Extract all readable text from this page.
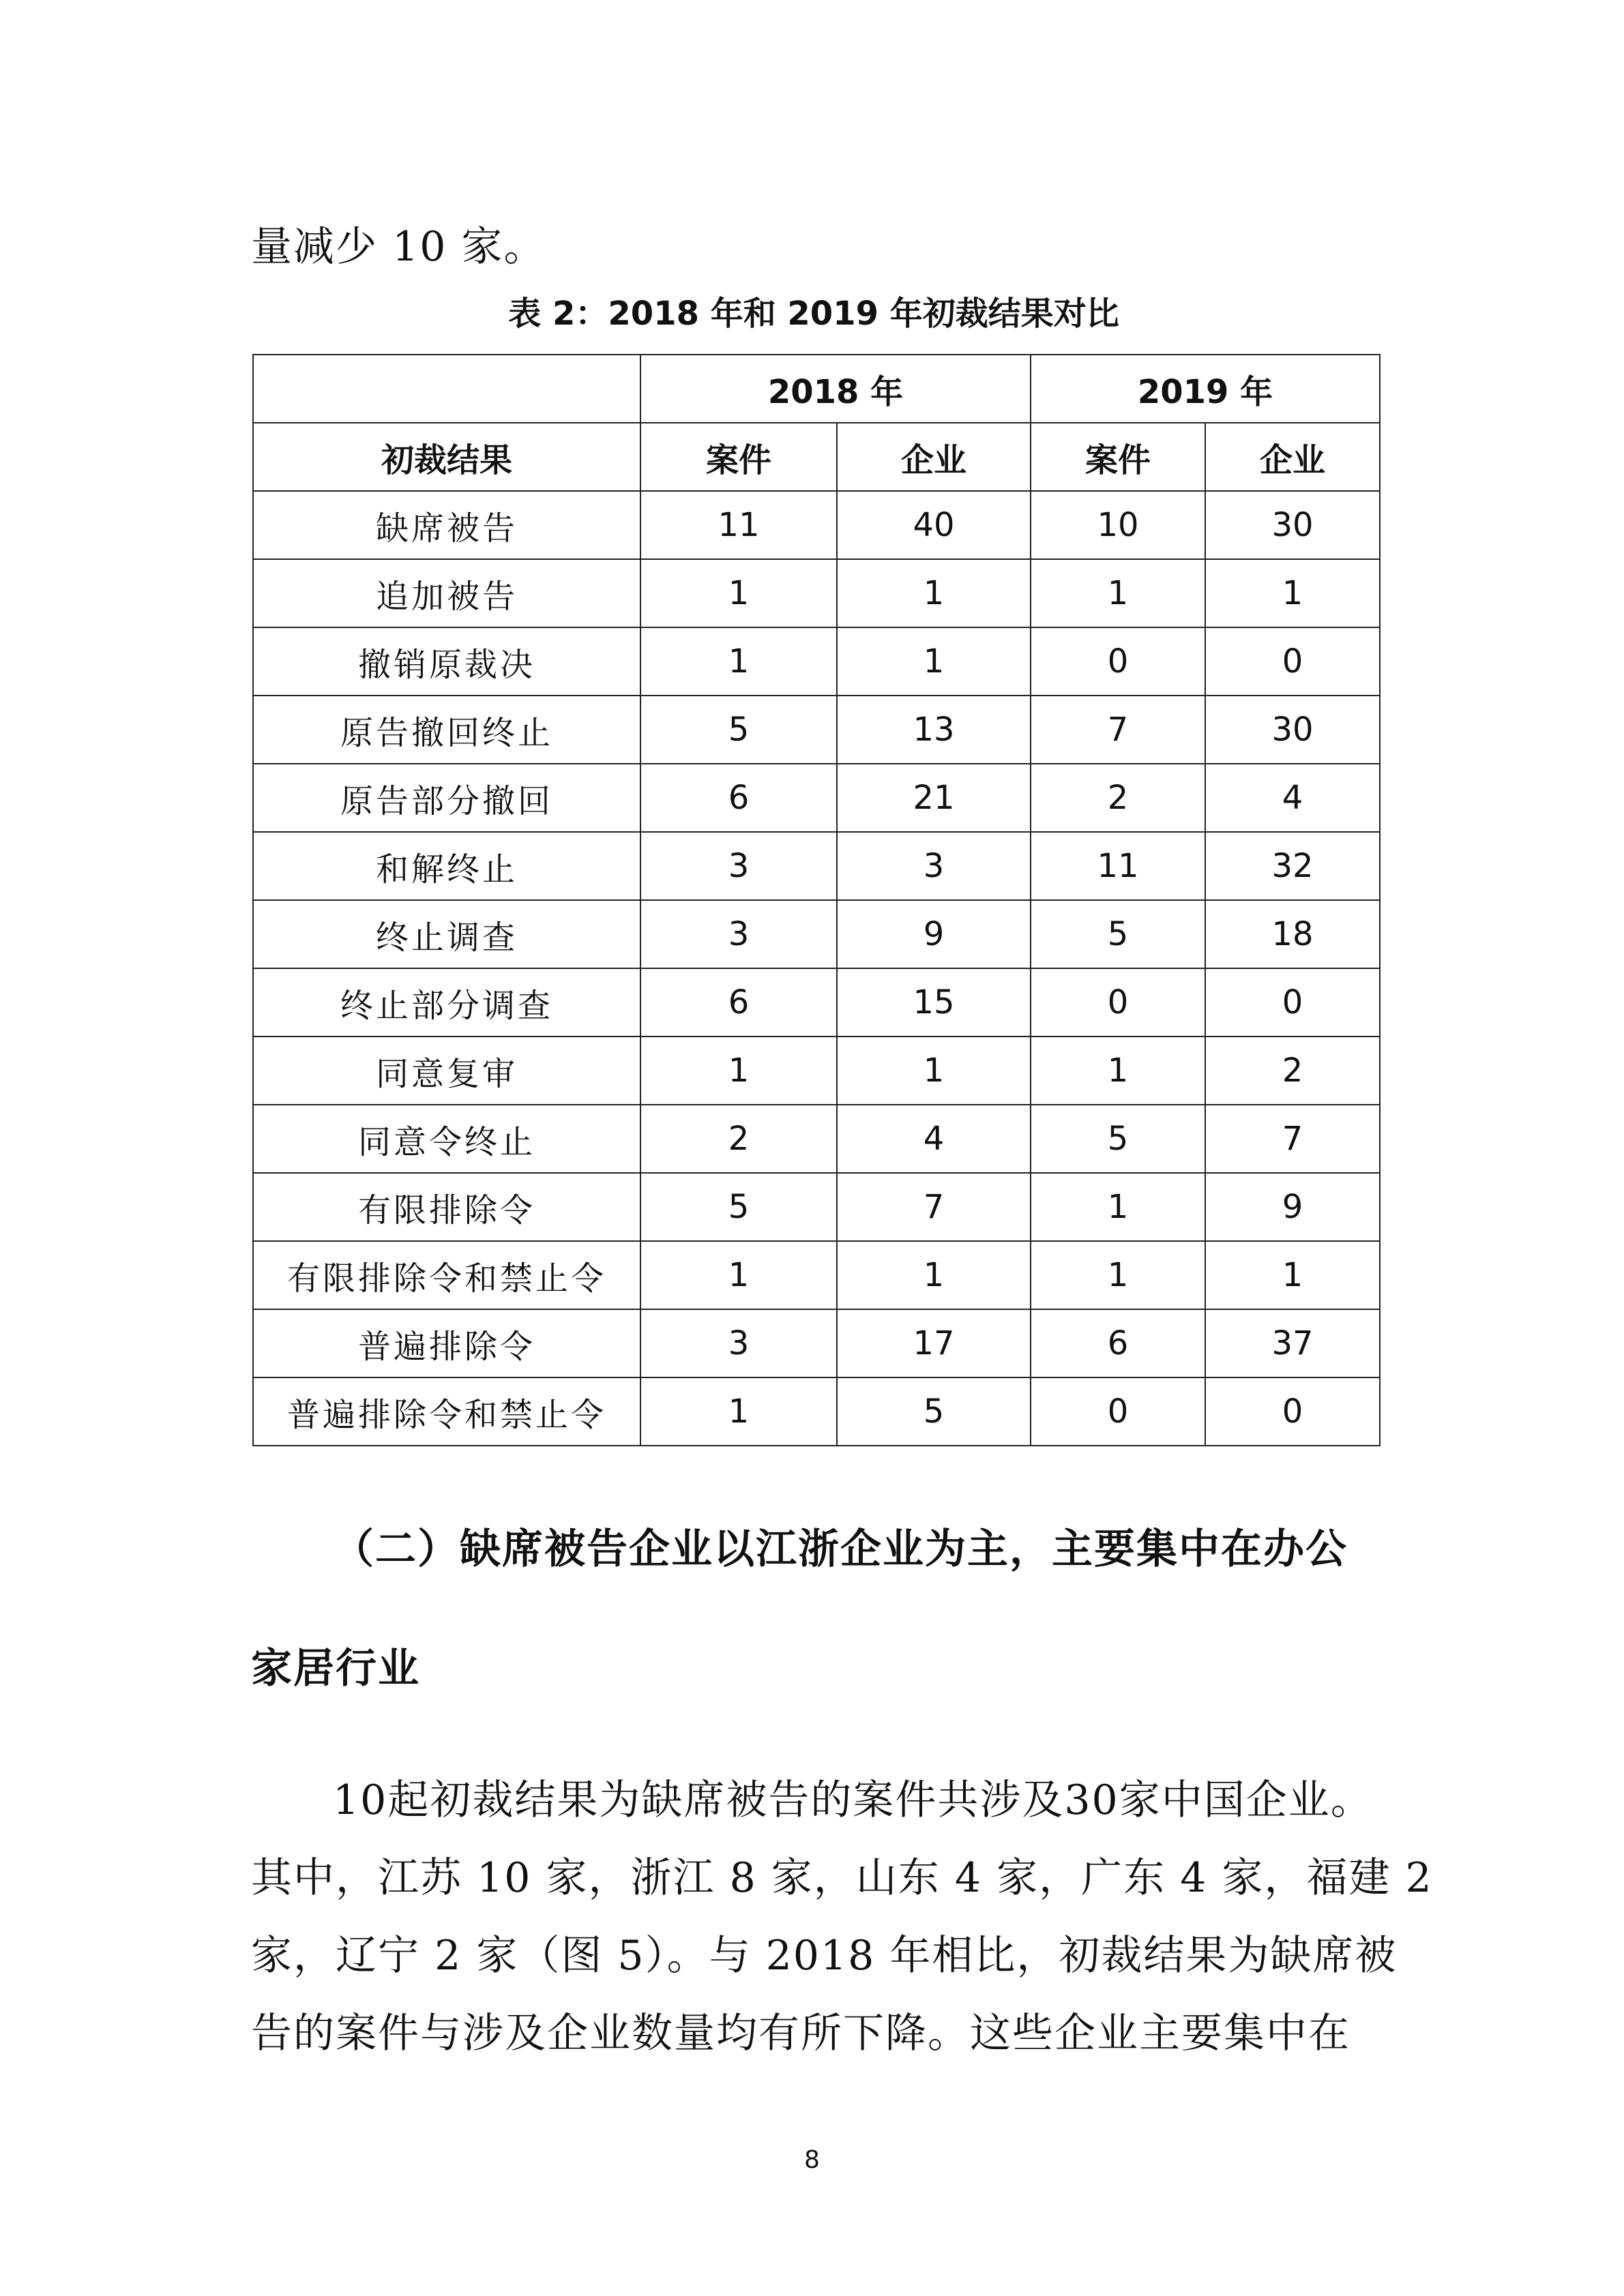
量减少 10 家。

表 2：2018 年和 2019 年初裁结果对比

	2018 年		2019 年	
初裁结果	案件	企业	案件	企业
缺席被告	11	40	10	30
追加被告	1	1	1	1
撤销原裁决	1	1	0	0
原告撤回终止	5	13	7	30
原告部分撤回	6	21	2	4
和解终止	3	3	11	32
终止调查	3	9	5	18
终止部分调查	6	15	0	0
同意复审	1	1	1	2
同意令终止	2	4	5	7
有限排除令	5	7	1	9
有限排除令和禁止令	1	1	1	1
普遍排除令	3	17	6	37
普遍排除令和禁止令	1	5	0	0

（二）缺席被告企业以江浙企业为主，主要集中在办公

家居行业

10起初裁结果为缺席被告的案件共涉及30家中国企业。

其中，江苏 10 家，浙江 8 家，山东 4 家，广东 4 家，福建 2

家，辽宁 2 家（图 5）。与 2018 年相比，初裁结果为缺席被

告的案件与涉及企业数量均有所下降。这些企业主要集中在

8
